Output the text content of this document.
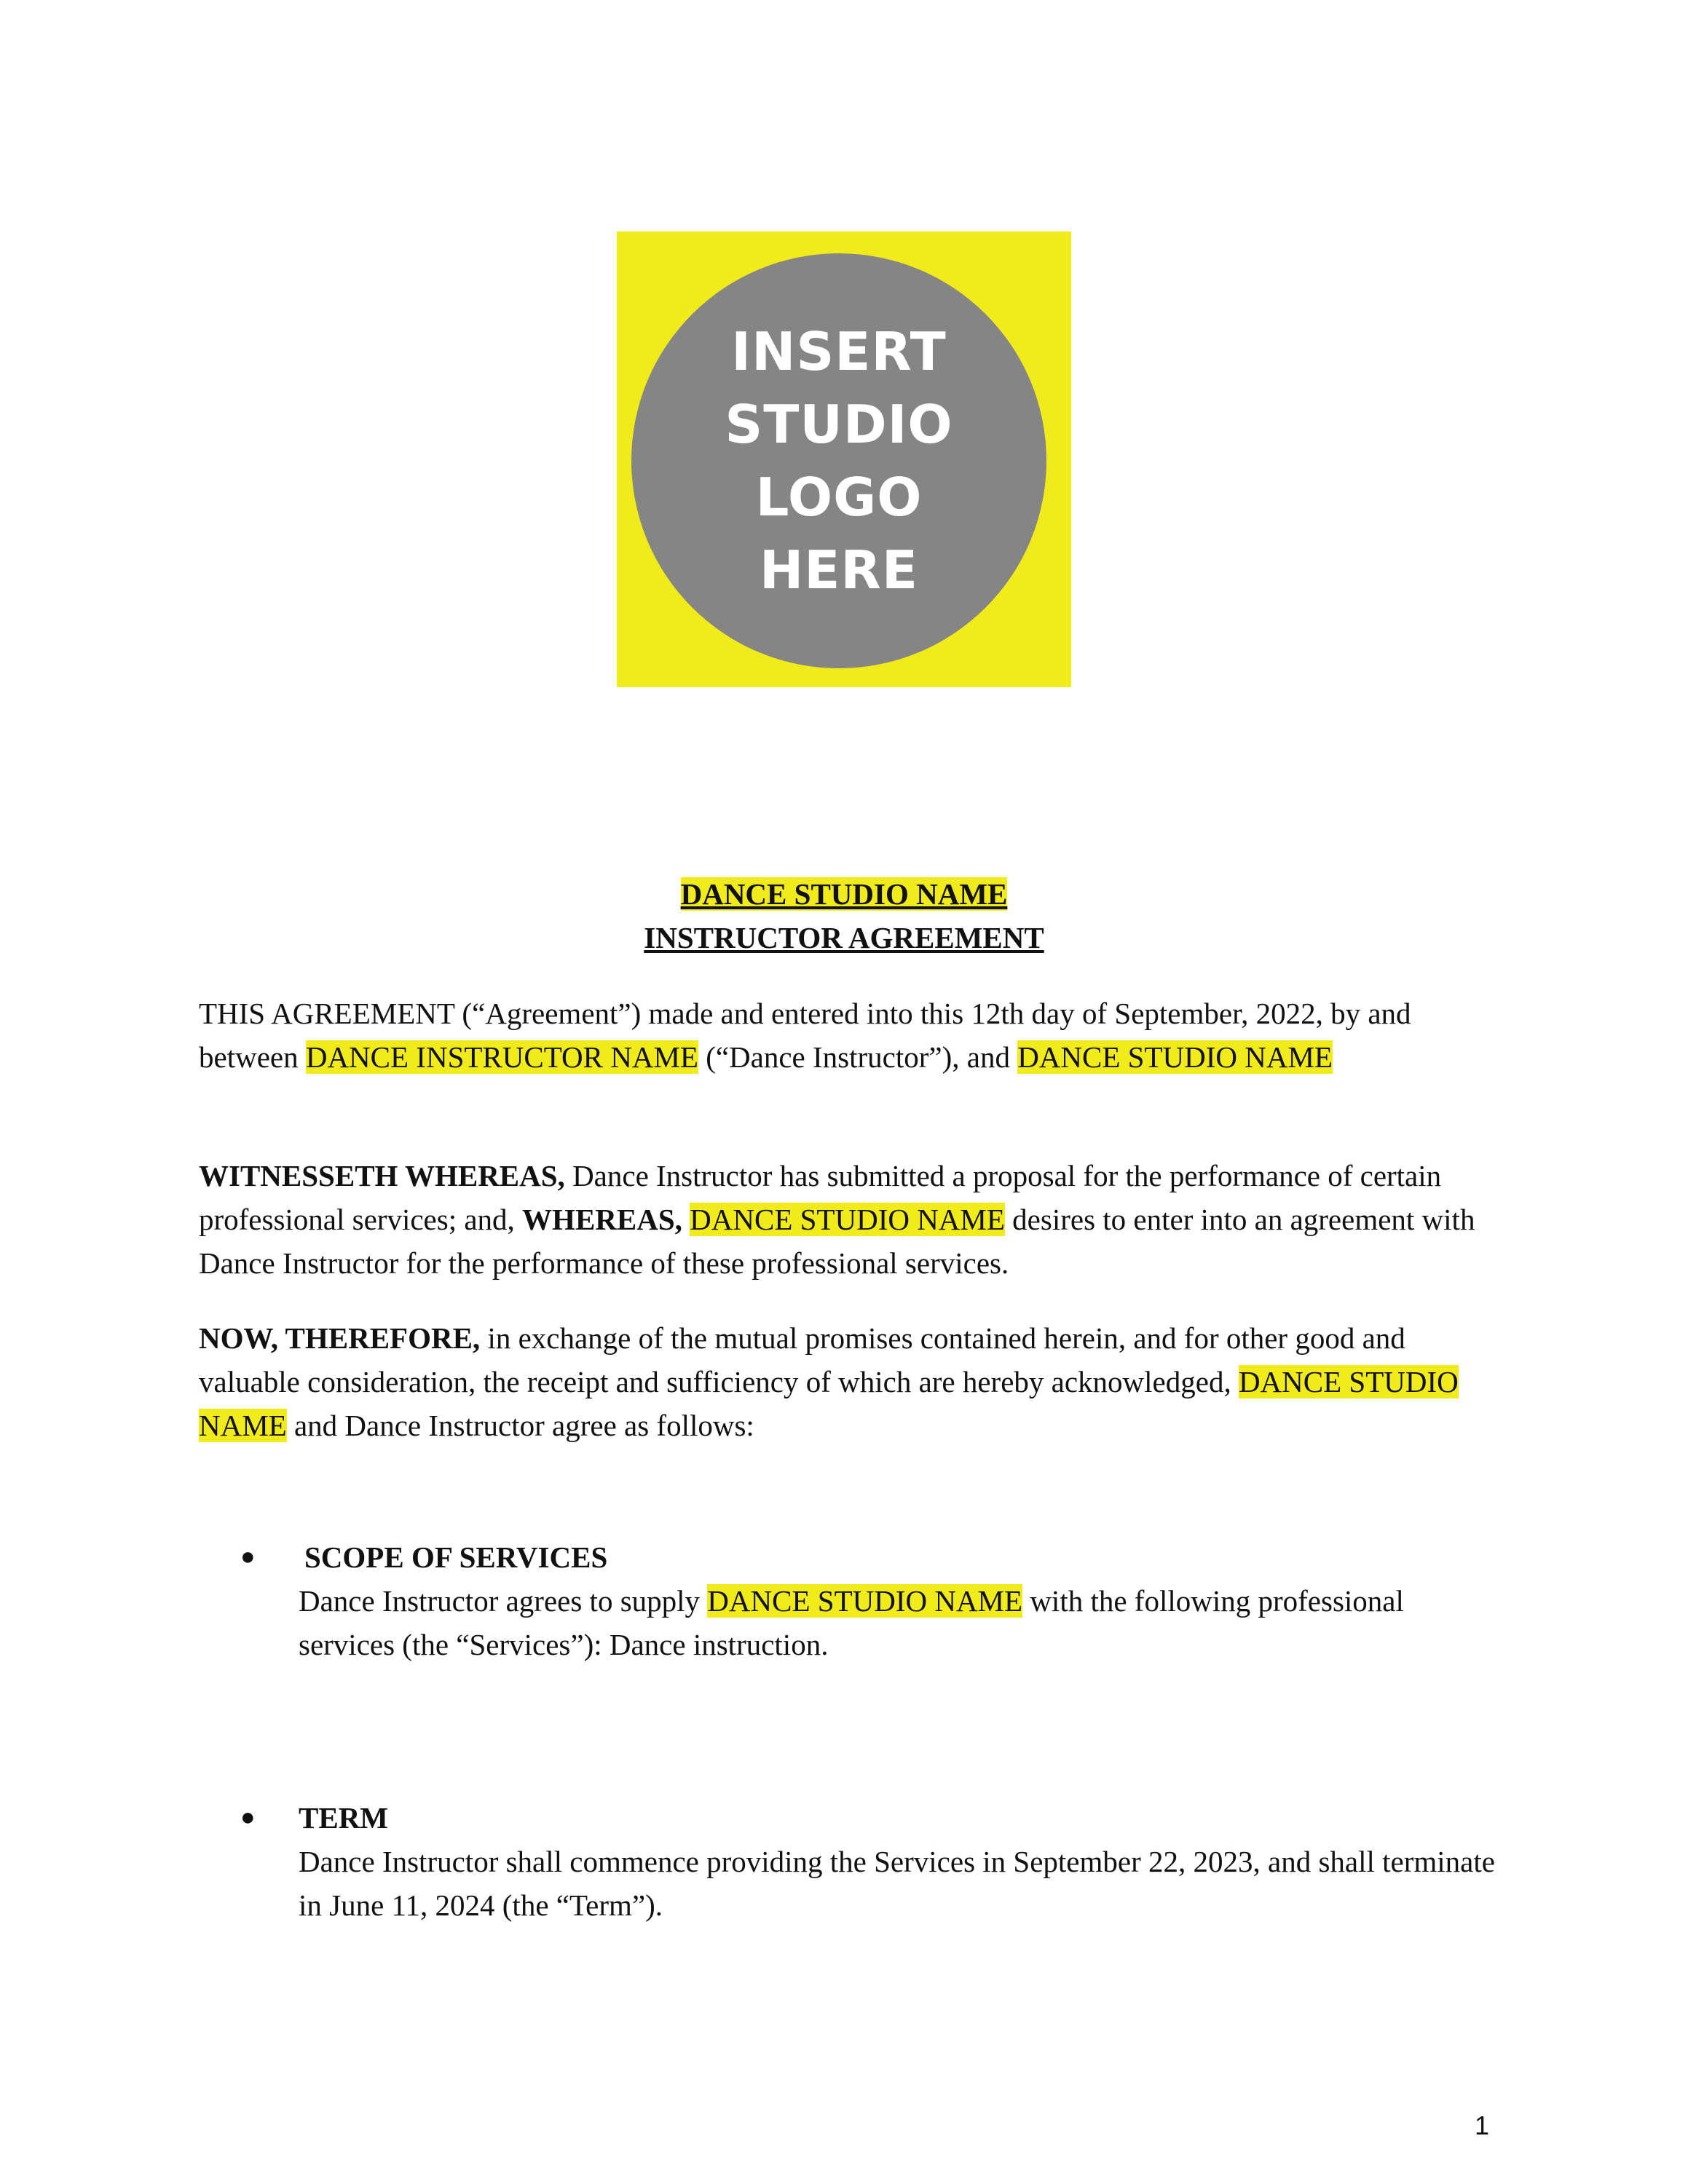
INSERT
STUDIO
LOGO
HERE
DANCE STUDIO NAME
INSTRUCTOR AGREEMENT
THIS AGREEMENT (“Agreement”) made and entered into this 12th day of September, 2022, by and between DANCE INSTRUCTOR NAME (“Dance Instructor”), and DANCE STUDIO NAME
WITNESSETH WHEREAS, Dance Instructor has submitted a proposal for the performance of certain professional services; and, WHEREAS, DANCE STUDIO NAME desires to enter into an agreement with Dance Instructor for the performance of these professional services.
NOW, THEREFORE, in exchange of the mutual promises contained herein, and for other good and valuable consideration, the receipt and sufficiency of which are hereby acknowledged, DANCE STUDIO NAME and Dance Instructor agree as follows:
● SCOPE OF SERVICES
Dance Instructor agrees to supply DANCE STUDIO NAME with the following professional services (the “Services”): Dance instruction.
● TERM
Dance Instructor shall commence providing the Services in September 22, 2023, and shall terminate in June 11, 2024 (the “Term”).
1
